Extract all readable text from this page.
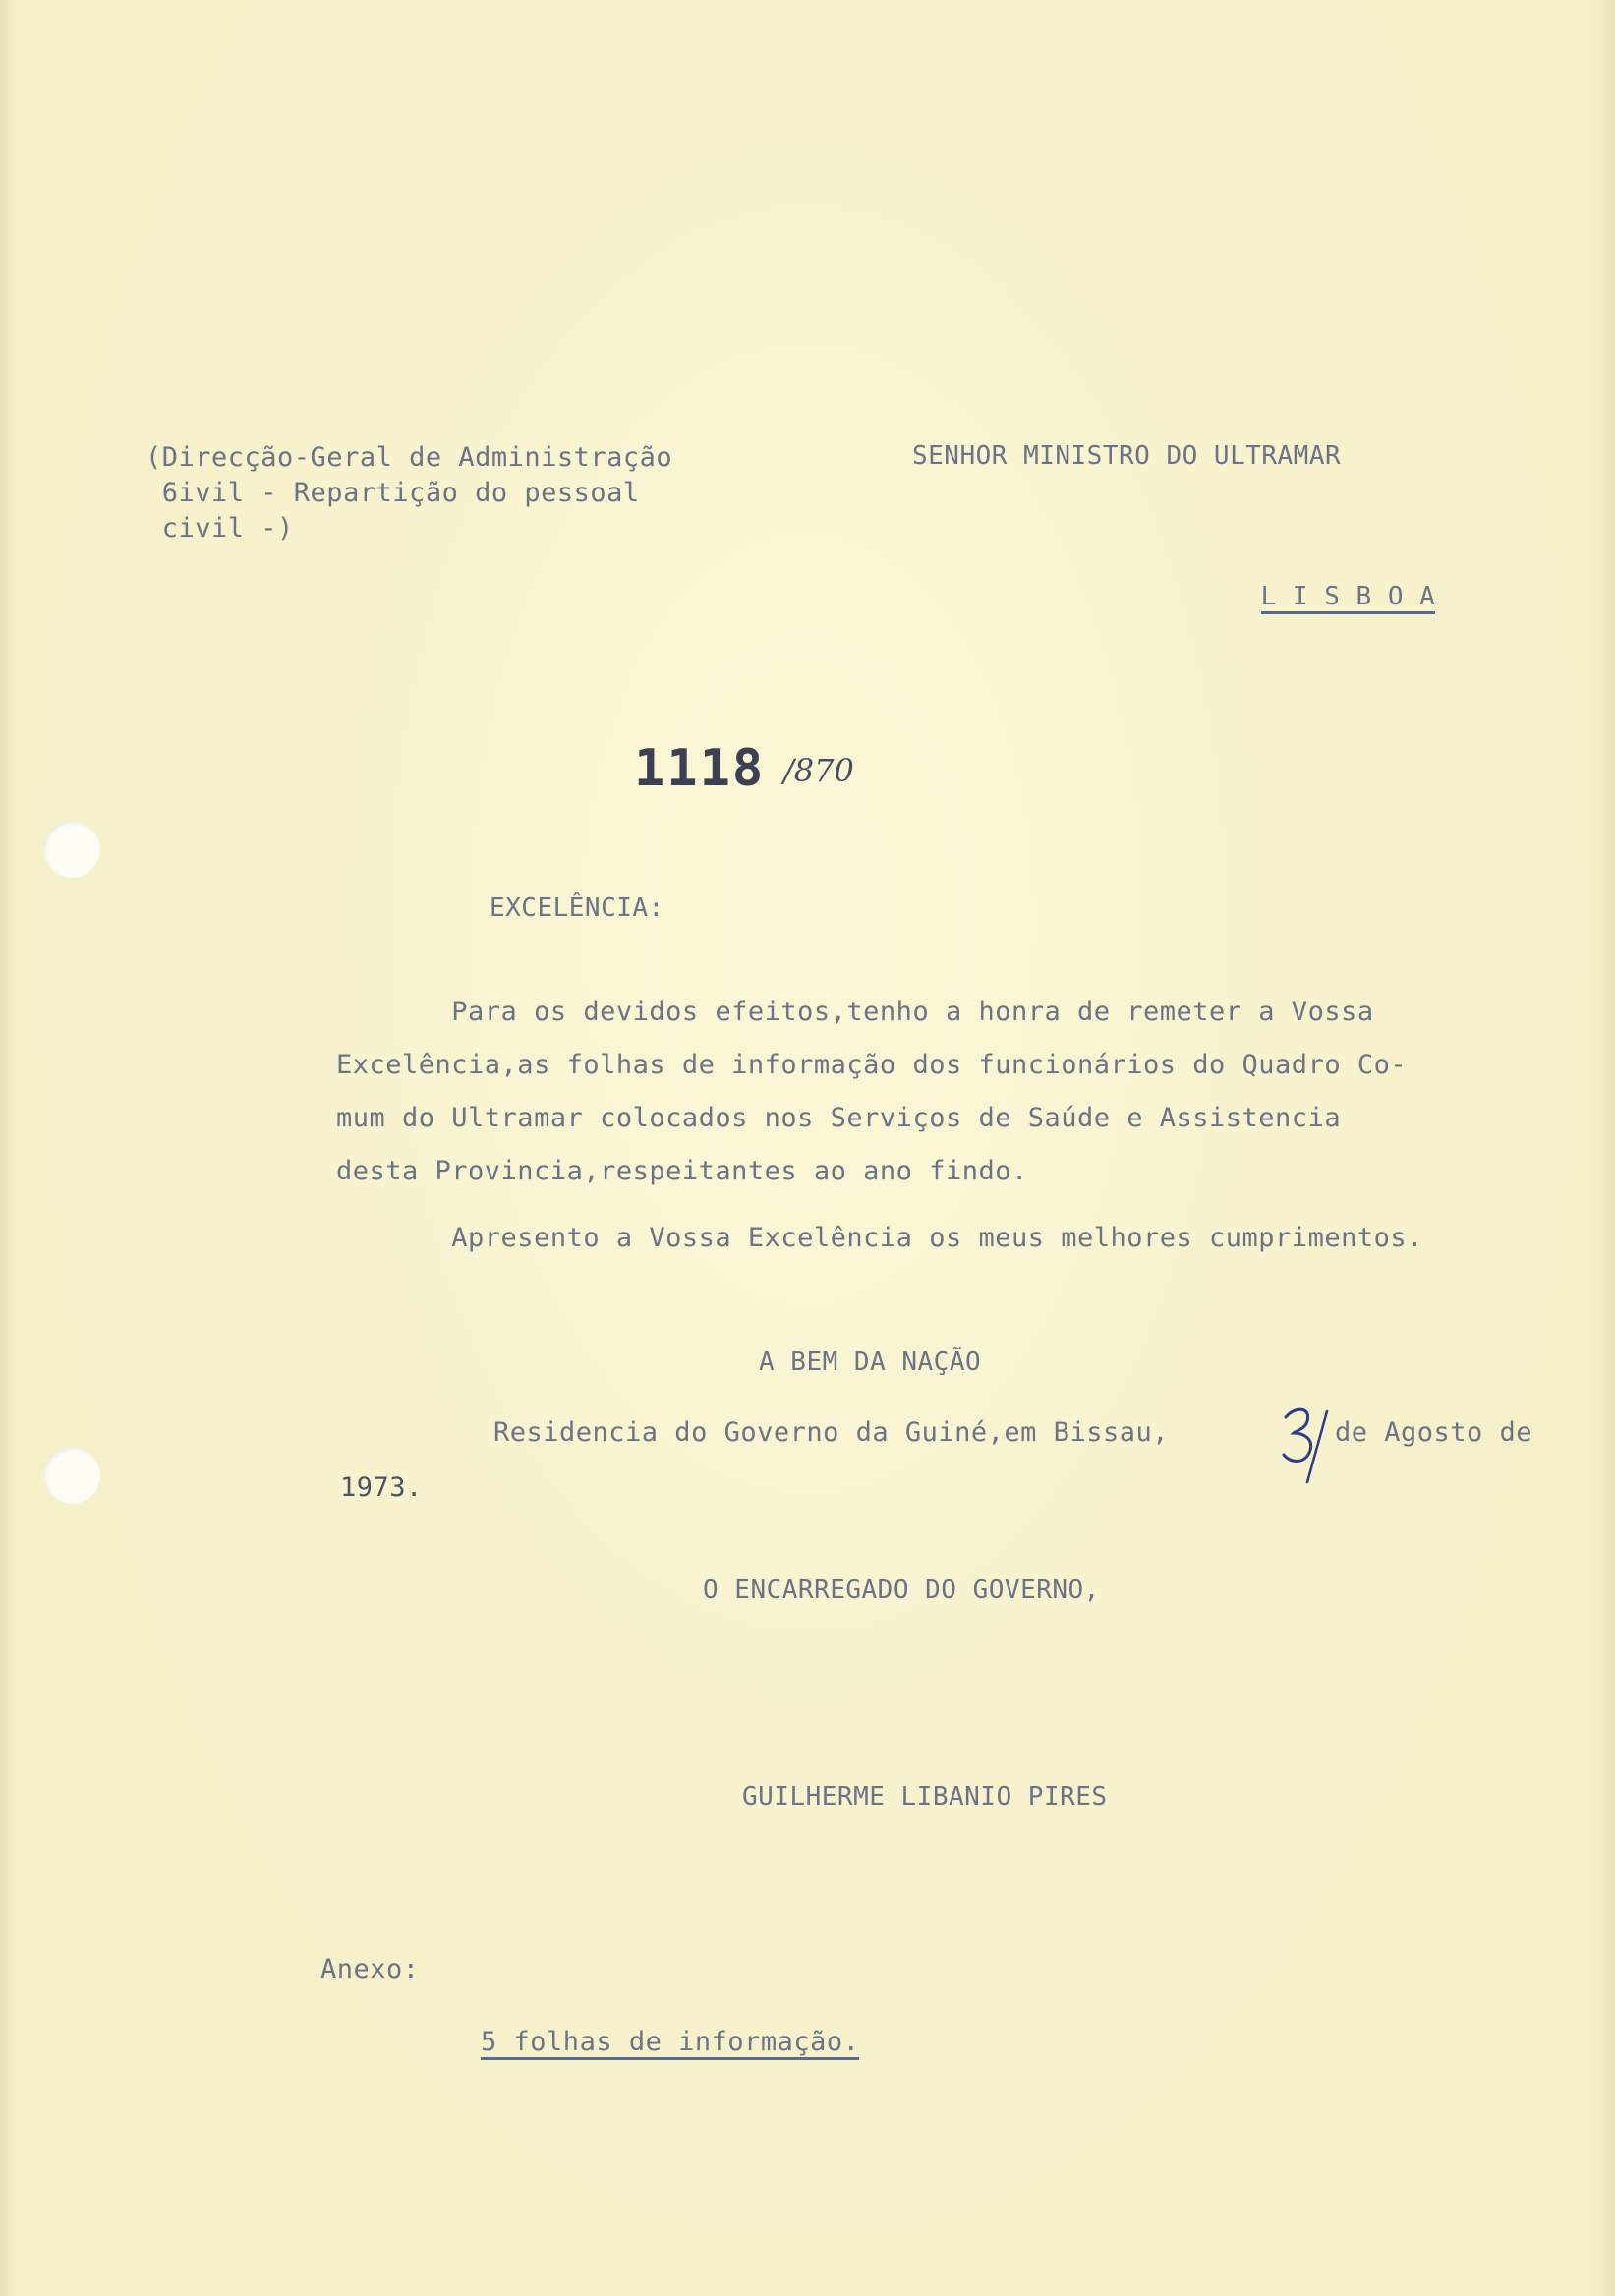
(Direcção-Geral de Administração
6ivil - Repartição do pessoal
civil -)
SENHOR MINISTRO DO ULTRAMAR

L I S B O A

1118 /870
EXCELÊNCIA:
Para os devidos efeitos,tenho a honra de remeter a Vossa
Excelência,as folhas de informação dos funcionários do Quadro Co-
mum do Ultramar colocados nos Serviços de Saúde e Assistencia
desta Provincia,respeitantes ao ano findo.
Apresento a Vossa Excelência os meus melhores cumprimentos.
A BEM DA NAÇÃO
Residencia do Governo da Guiné,em Bissau,	de Agosto de
1973.
O ENCARREGADO DO GOVERNO,
GUILHERME LIBANIO PIRES
Anexo:

5 folhas de informação.
